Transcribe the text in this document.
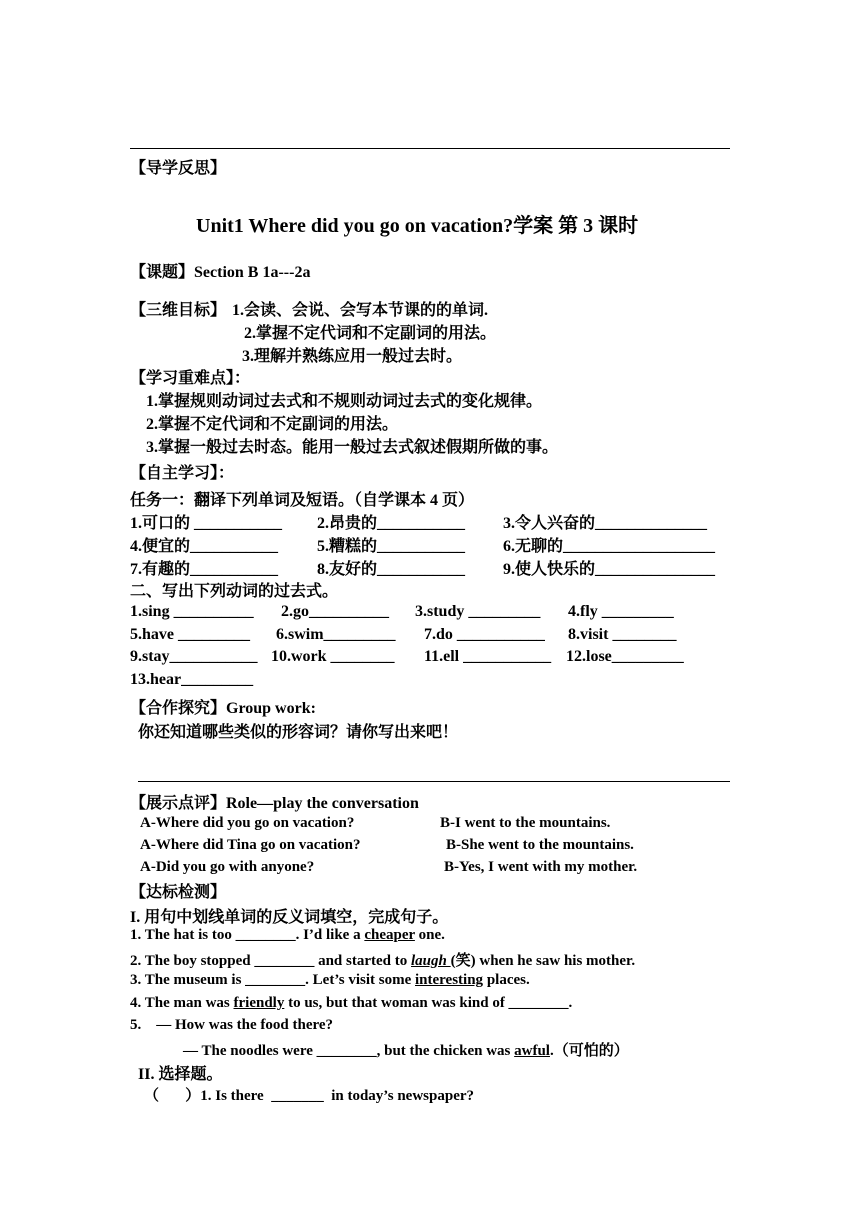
【导学反思】
Unit1 Where did you go on vacation?学案 第 3 课时
【课题】Section B 1a---2a
【三维目标】 1.会读、会说、会写本节课的的单词.
2.掌握不定代词和不定副词的用法。
3.理解并熟练应用一般过去时。
【学习重难点】：
1.掌握规则动词过去式和不规则动词过去式的变化规律。
2.掌握不定代词和不定副词的用法。
3.掌握一般过去时态。能用一般过去式叙述假期所做的事。
【自主学习】：
任务一：翻译下列单词及短语。（自学课本 4 页）
1.可口的 ___________ 2.昂贵的___________ 3.令人兴奋的______________
4.便宜的___________ 5.糟糕的___________ 6.无聊的___________________
7.有趣的___________ 8.友好的___________ 9.使人快乐的_______________
二、写出下列动词的过去式。
1.sing __________ 2.go__________ 3.study _________ 4.fly _________
5.have _________ 6.swim_________ 7.do ___________ 8.visit ________
9.stay___________ 10.work ________ 11.ell ___________ 12.lose_________
13.hear_________
【合作探究】Group work:
你还知道哪些类似的形容词？请你写出来吧！
【展示点评】Role—play the conversation
A-Where did you go on vacation?	B-I went to the mountains.
A-Where did Tina go on vacation?	B-She went to the mountains.
A-Did you go with anyone?	B-Yes, I went with my mother.
【达标检测】
I. 用句中划线单词的反义词填空，完成句子。
1. The hat is too ________. I’d like a cheaper one.
2. The boy stopped ________ and started to laugh (笑) when he saw his mother.
3. The museum is ________. Let’s visit some interesting places.
4. The man was friendly to us, but that woman was kind of ________.
5.    — How was the food there?
— The noodles were ________, but the chicken was awful.（可怕的）
II. 选择题。
（       ）1. Is there  _______  in today’s newspaper?
